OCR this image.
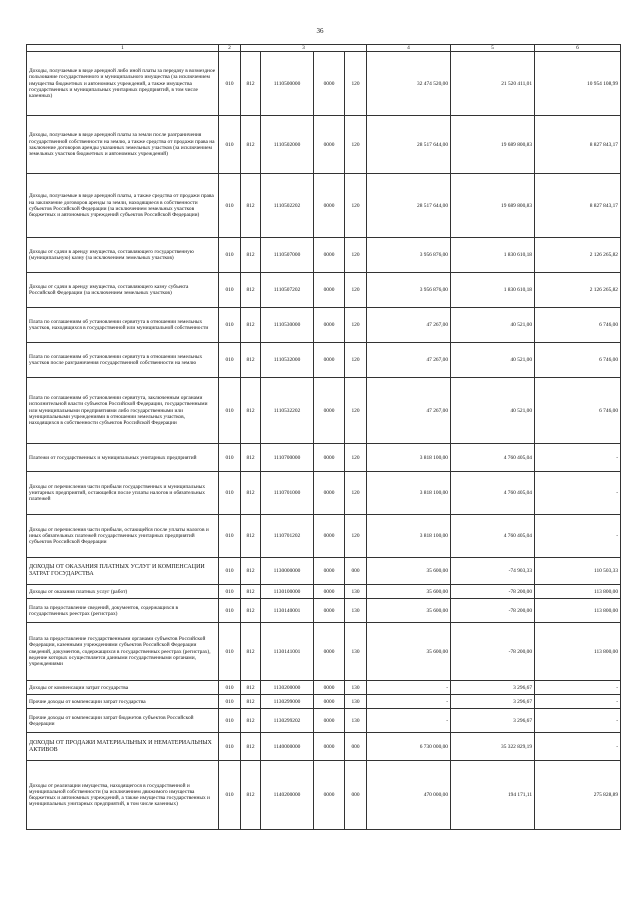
36
1	2	3				4	5	6
Доходы, получаемые в виде арендной либо иной платы за передачу в возмездное пользование государственного и муниципального имущества (за исключением имущества бюджетных и автономных учреждений, а также имущества государственных и муниципальных унитарных предприятий, в том числе казенных)	010	812	1110500000	0000	120	32 474 520,00	21 520 411,01	10 954 108,99
Доходы, получаемые в виде арендной платы за земли после разграничения государственной собственности на землю, а также средства от продажи права на заключение договоров аренды указанных земельных участков (за исключением земельных участков бюджетных и автономных учреждений)	010	812	1110502000	0000	120	28 517 644,00	19 689 800,83	8 827 843,17
Доходы, получаемые в виде арендной платы, а также средства от продажи права на заключение договоров аренды за земли, находящиеся в собственности субъектов Российской Федерации (за исключением земельных участков бюджетных и автономных учреждений субъектов Российской Федерации)	010	812	1110502202	0000	120	28 517 644,00	19 689 800,83	8 827 843,17
Доходы от сдачи в аренду имущества, составляющего государственную (муниципальную) казну (за исключением земельных участков)	010	812	1110507000	0000	120	3 956 876,00	1 830 610,18	2 126 265,82
Доходы от сдачи в аренду имущества, составляющего казну субъекта Российской Федерации (за исключением земельных участков)	010	812	1110507202	0000	120	3 956 876,00	1 830 610,18	2 126 265,82
Плата по соглашениям об установлении сервитута в отношении земельных участков, находящихся в государственной или муниципальной собственности	010	812	1110530000	0000	120	47 267,00	40 521,00	6 746,00
Плата по соглашениям об установлении сервитута в отношении земельных участков после разграничения государственной собственности на землю	010	812	1110532000	0000	120	47 267,00	40 521,00	6 746,00
Плата по соглашениям об установлении сервитута, заключенным органами исполнительной власти субъектов Российской Федерации, государственными или муниципальными предприятиями либо государственными или муниципальными учреждениями в отношении земельных участков, находящихся в собственности субъектов Российской Федерации	010	812	1110532202	0000	120	47 267,00	40 521,00	6 746,00
Платежи от государственных и муниципальных унитарных предприятий	010	812	1110700000	0000	120	3 818 100,00	4 760 405,04	-
Доходы от перечисления части прибыли государственных и муниципальных унитарных предприятий, остающейся после уплаты налогов и обязательных платежей	010	812	1110701000	0000	120	3 818 100,00	4 760 405,04	-
Доходы от перечисления части прибыли, остающейся после уплаты налогов и иных обязательных платежей государственных унитарных предприятий субъектов Российской Федерации	010	812	1110701202	0000	120	3 818 100,00	4 760 405,04	-
ДОХОДЫ ОТ ОКАЗАНИЯ ПЛАТНЫХ УСЛУГ И КОМПЕНСАЦИИ ЗАТРАТ ГОСУДАРСТВА	010	812	1130000000	0000	000	35 600,00	-74 903,33	110 503,33
Доходы от оказания платных услуг (работ)	010	812	1130100000	0000	130	35 600,00	-78 200,00	113 800,00
Плата за предоставление сведений, документов, содержащихся в государственных реестрах (регистрах)	010	812	1130140001	0000	130	35 600,00	-78 200,00	113 800,00
Плата за предоставление государственными органами субъектов Российской Федерации, казенными учреждениями субъектов Российской Федерации сведений, документов, содержащихся в государственных реестрах (регистрах), ведение которых осуществляется данными государственными органами, учреждениями	010	812	1130141001	0000	130	35 600,00	-78 200,00	113 800,00
Доходы от компенсации затрат государства	010	812	1130200000	0000	130	-	3 296,67	-
Прочие доходы от компенсации затрат государства	010	812	1130299000	0000	130	-	3 296,67	-
Прочие доходы от компенсации затрат бюджетов субъектов Российской Федерации	010	812	1130299202	0000	130	-	3 296,67	-
ДОХОДЫ ОТ ПРОДАЖИ МАТЕРИАЛЬНЫХ И НЕМАТЕРИАЛЬНЫХ АКТИВОВ	010	812	1140000000	0000	000	6 730 000,00	35 322 829,19	-
Доходы от реализации имущества, находящегося в государственной и муниципальной собственности (за исключением движимого имущества бюджетных и автономных учреждений, а также имущества государственных и муниципальных унитарных предприятий, в том числе казенных)	010	812	1140200000	0000	000	470 000,00	194 171,11	275 828,89
